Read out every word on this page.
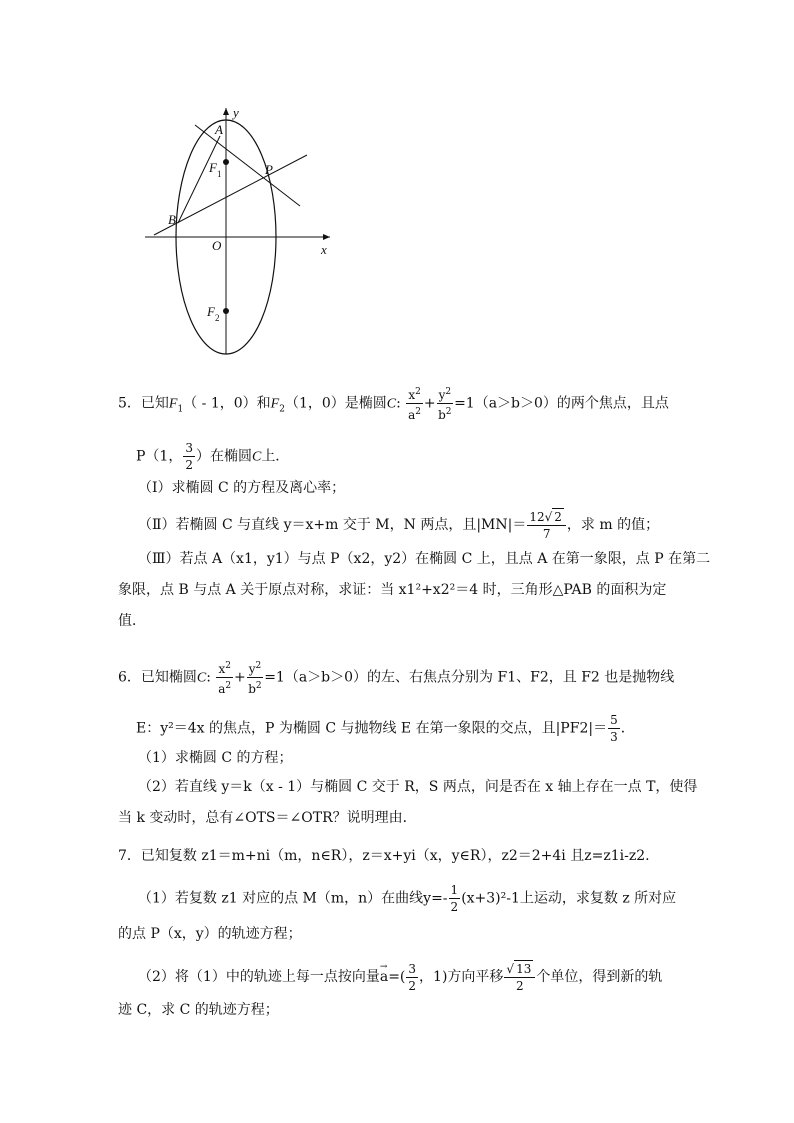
y
x
A
P
B
O
F 1
F 2
5．已知$F_1( - 1$，0）和$F_2(1$，0）是椭圆C: $\frac{x^2}{a^2} + \frac{y^2}{b^2} =1(a>b>0)$的两个焦点，且点
P（1， $\frac{3}{2}$ ）在椭圆C上．
（Ⅰ）求椭圆 C 的方程及离心率；
（Ⅱ）若椭圆 C 与直线 y＝x+m 交于 M，N 两点，且$|MN|= \frac{12√ 2}{7}$ ，求 m 的值；
（Ⅲ）若点 A（x1，y1）与点 P（x2，y2）在椭圆 C 上，且点 A 在第一象限，点 P 在第二
象限，点 B 与点 A 关于原点对称，求证：当 x1²+x2²＝4 时，三角形△PAB 的面积为定
值．
6．已知椭圆C: $\frac{x^2}{a^2} + \frac{y^2}{b^2} =1(a>b>0)$的左、右焦点分别为 F1、F2，且 F2 也是抛物线
E：y²＝4x 的焦点，P 为椭圆 C 与抛物线 E 在第一象限的交点，且$|PF2|= \frac{5}{3}$ ．
（1）求椭圆 C 的方程；
（2）若直线 y＝k（x - 1）与椭圆 C 交于 R，S 两点，问是否在 x 轴上存在一点 T，使得
当 k 变动时，总有∠OTS＝∠OTR？说明理由．
7．已知复数 z1＝m+ni（m，n∈R），z＝x+yi（x，y∈R），z2＝2+4i 且z=z1i-z2.
（1）若复数 z1 对应的点 M（m，n）在曲线$y=- \frac{1}{2} (x+3)^2-1$上运动，求复数 z 所对应
的点 P（x，y）的轨迹方程；
（2）将（1）中的轨迹上每一点按向量→ $a=( \frac{3}{2}$ ，1)方向平移 $\frac{√ 13}{2}$ 个单位，得到新的轨
迹 C，求 C 的轨迹方程；
